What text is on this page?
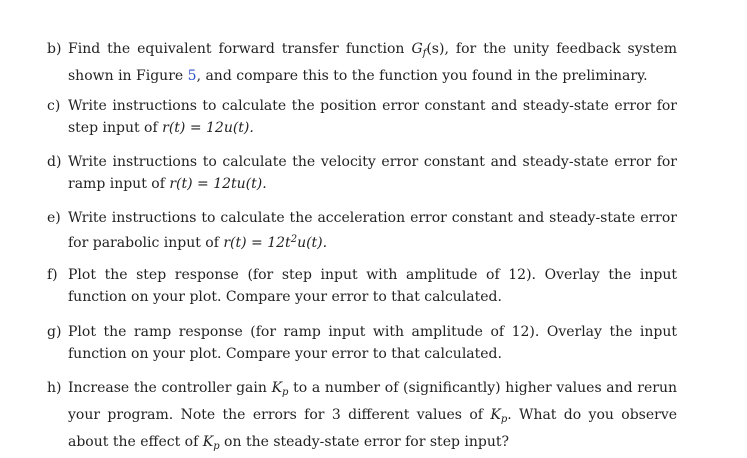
b) Find the equivalent forward transfer function $G_f(s)$, for the unity feedback system shown in Figure 5, and compare this to the function you found in the preliminary.
c) Write instructions to calculate the position error constant and steady-state error for step input of r(t) = 12u(t).
d) Write instructions to calculate the velocity error constant and steady-state error for ramp input of r(t) = 12tu(t).
e) Write instructions to calculate the acceleration error constant and steady-state error for parabolic input of $r(t) = 12t^2u(t)$.
f) Plot the step response (for step input with amplitude of 12). Overlay the input function on your plot. Compare your error to that calculated.
g) Plot the ramp response (for ramp input with amplitude of 12). Overlay the input function on your plot. Compare your error to that calculated.
h) Increase the controller gain $K_p$ to a number of (significantly) higher values and rerun your program. Note the errors for 3 different values of $K_p$. What do you observe about the effect of $K_p$ on the steady-state error for step input?
